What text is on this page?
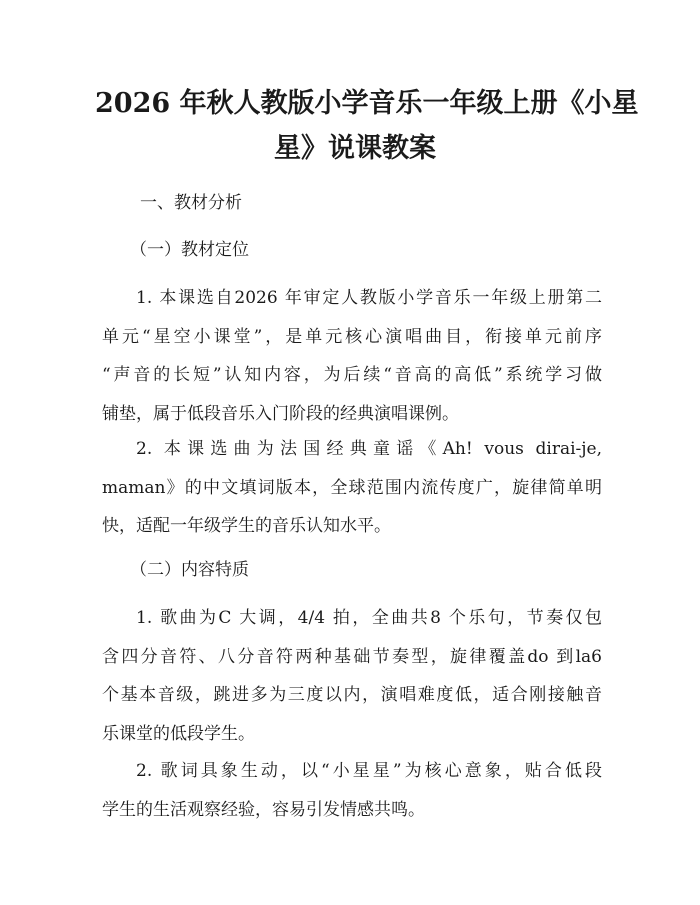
2026 年秋人教版小学音乐一年级上册《小星
星》说课教案
一、教材分析
（一）教材定位
1. 本课选自2026 年审定人教版小学音乐一年级上册第二
单元“星空小课堂”，是单元核心演唱曲目，衔接单元前序
“声音的长短”认知内容，为后续“音高的高低”系统学习做
铺垫，属于低段音乐入门阶段的经典演唱课例。
2. 本课选曲为法国经典童谣《Ah! vous dirai-je,
maman》的中文填词版本，全球范围内流传度广，旋律简单明
快，适配一年级学生的音乐认知水平。
（二）内容特质
1. 歌曲为C 大调，4/4 拍，全曲共8 个乐句，节奏仅包
含四分音符、八分音符两种基础节奏型，旋律覆盖do 到la6
个基本音级，跳进多为三度以内，演唱难度低，适合刚接触音
乐课堂的低段学生。
2. 歌词具象生动，以“小星星”为核心意象，贴合低段
学生的生活观察经验，容易引发情感共鸣。
